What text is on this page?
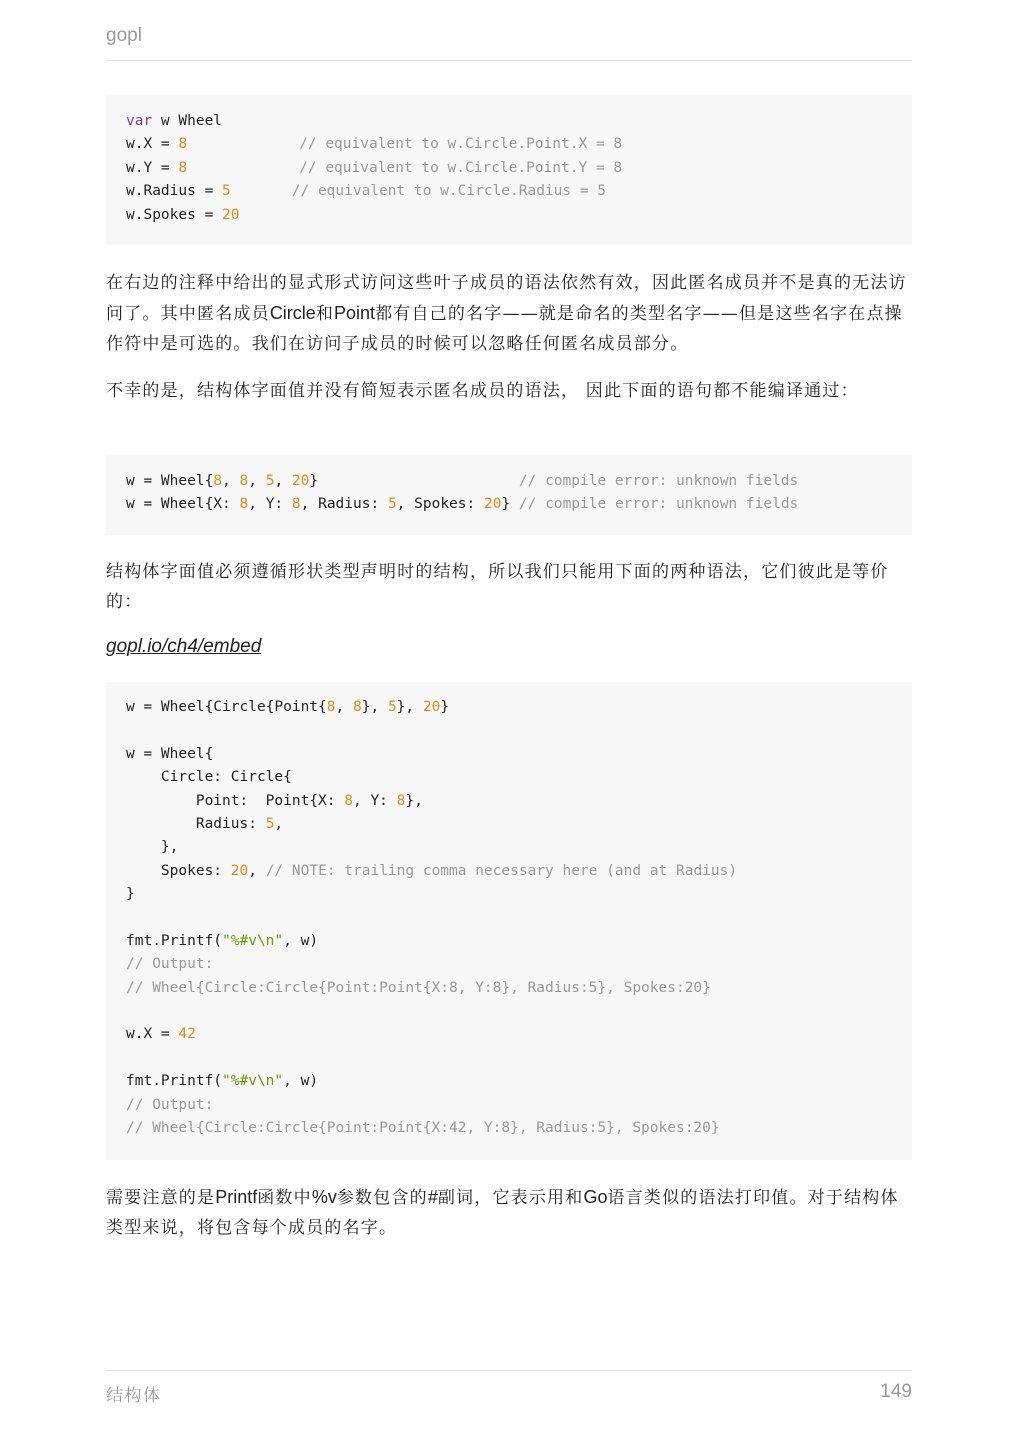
gopl
var w Wheel
w.X = 8	// equivalent to w.Circle.Point.X = 8
w.Y = 8	// equivalent to w.Circle.Point.Y = 8
w.Radius = 5	// equivalent to w.Circle.Radius = 5
w.Spokes = 20
在右边的注释中给出的显式形式访问这些叶子成员的语法依然有效，因此匿名成员并不是真的无法访问了。其中匿名成员Circle和Point都有自己的名字——就是命名的类型名字——但是这些名字在点操作符中是可选的。我们在访问子成员的时候可以忽略任何匿名成员部分。
不幸的是，结构体字面值并没有简短表示匿名成员的语法， 因此下面的语句都不能编译通过：
w = Wheel{8, 8, 5, 20}                       // compile error: unknown fields
w = Wheel{X: 8, Y: 8, Radius: 5, Spokes: 20} // compile error: unknown fields
结构体字面值必须遵循形状类型声明时的结构，所以我们只能用下面的两种语法，它们彼此是等价的：
gopl.io/ch4/embed
w = Wheel{Circle{Point{8, 8}, 5}, 20}
w = Wheel{
Circle: Circle{
Point:  Point{X: 8, Y: 8},
Radius: 5,
},
Spokes: 20, // NOTE: trailing comma necessary here (and at Radius)
}
fmt.Printf("%#v\n", w)
// Output:
// Wheel{Circle:Circle{Point:Point{X:8, Y:8}, Radius:5}, Spokes:20}
w.X = 42
fmt.Printf("%#v\n", w)
// Output:
// Wheel{Circle:Circle{Point:Point{X:42, Y:8}, Radius:5}, Spokes:20}
需要注意的是Printf函数中%v参数包含的#副词，它表示用和Go语言类似的语法打印值。对于结构体类型来说，将包含每个成员的名字。
结构体	149
